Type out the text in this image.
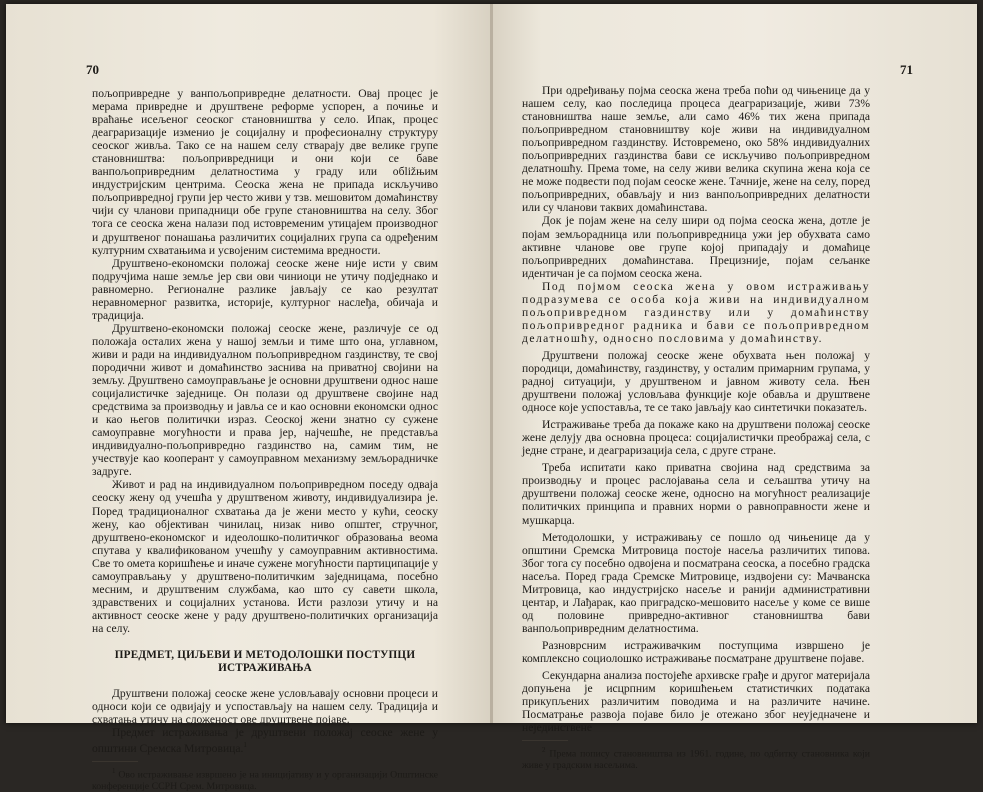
70

пољопривредне у ванпољопривредне делатности. Овај процес је мерама привредне и друштвене реформе успорен, а почиње и враћање исељеног сеоског становништва у село. Ипак, процес деаграризације изменио је социјалну и професионалну структуру сеоског живља. Тако се на нашем селу стварају две велике групе становништва: пољопривредници и они који се баве ванпољопривредним делатностима у граду или обližњим индустријским центрима. Сеоска жена не припада искључиво пољопривредној групи јер често живи у тзв. мешовитом домаћинству чији су чланови припадници обе групе становништва на селу. Због тога се сеоска жена налази под истовременим утицајем производног и друштвеног понашања различитих социјалних група са одређеним културним схватањима и усвојеним системима вредности.

Друштвено-економски положај сеоске жене није исти у свим подручјима наше земље јер сви ови чиниоци не утичу подједнако и равномерно. Регионалне разлике јављају се као резултат неравномерног развитка, историје, културног наслеђа, обичаја и традиција.

Друштвено-економски положај сеоске жене, различује се од положаја осталих жена у нашој земљи и тиме што она, углавном, живи и ради на индивидуалном пољопривредном газдинству, те свој породични живот и домаћинство заснива на приватној својини на земљу. Друштвено самоуправљање је основни друштвени однос наше социјалистичке заједнице. Он полази од друштвене својине над средствима за производњу и јавља се и као основни економски однос и као његов политички израз. Сеоској жени знатно су сужене самоуправне могућности и права јер, најчешће, не представља индивидуално-пољопривредно газдинство на, самим тим, не учествује као кооперант у самоуправном механизму земљорадничке задруге.

Живот и рад на индивидуалном пољопривредном поседу одваја сеоску жену од учешћа у друштвеном животу, индивидуализира је. Поред традиционалног схватања да је жени место у кући, сеоску жену, као објективан чинилац, низак ниво општег, стручног, друштвено-економског и идеолошко-политичког образовања веома спутава у квалификованом учешћу у самоуправним активностима. Све то омета коришћење и иначе сужене могућности партиципације у самоуправљању у друштвено-политичким заједницама, посебно месним, и друштвеним службама, као што су савети школа, здравствених и социјалних установа. Исти разлози утичу и на активност сеоске жене у раду друштвено-политичких организација на селу.

ПРЕДМЕТ, ЦИЉЕВИ И МЕТОДОЛОШКИ ПОСТУПЦИ ИСТРАЖИВАЊА

Друштвени положај сеоске жене условљавају основни процеси и односи који се одвијају и успостављају на нашем селу. Традиција и схватања утичу на сложеност ове друштвене појаве.

Предмет истраживања је друштвени положај сеоске жене у општини Сремска Митровица.$^1$

$^1$ Ово истраживање извршено је на иницијативу и у организацији Општинске конференције ССРН Срем. Митровица.

71

При одређивању појма сеоска жена треба поћи од чињенице да у нашем селу, као последица процеса деаграризације, живи 73% становништва наше земље, али само 46% тих жена припада пољопривредном становништву које живи на индивидуалном пољопривредном газдинству. Истовремено, око 58% индивидуалних пољопривредних газдинства бави се искључиво пољопривредном делатношћу. Према томе, на селу живи велика скупина жена која се не може подвести под појам сеоске жене. Тачније, жене на селу, поред пољопривредних, обављају и низ ванпољопривредних делатности или су чланови таквих домаћинстава.

Док је појам жене на селу шири од појма сеоска жена, дотле је појам земљорадница или пољопривредница ужи јер обухвата само активне чланове ове групе којој припадају и домаћице пољопривредних домаћинстава. Прецизније, појам сељанке идентичан је са појмом сеоска жена.

Под појмом сеоска жена у овом истраживању подразумева се особа која живи на индивидуалном пољопривредном газдинству или у домаћинству пољопривредног радника и бави се пољопривредном делатношћу, односно пословима у домаћинству.

Друштвени положај сеоске жене обухвата њен положај у породици, домаћинству, газдинству, у осталим примарним групама, у радној ситуацији, у друштвеном и јавном животу села. Њен друштвени положај условљава функције које обавља и друштвене односе које успоставља, те се тако јављају као синтетички показатељ.

Истраживање треба да покаже како на друштвени положај сеоске жене делују два основна процеса: социјалистички преображај села, с једне стране, и деаграризација села, с друге стране.

Треба испитати како приватна својина над средствима за производњу и процес раслојавања села и сељаштва утичу на друштвени положај сеоске жене, односно на могућност реализације политичких принципа и правних норми о равноправности жене и мушкарца.

Методолошки, у истраживању се пошло од чињенице да у општини Сремска Митровица постоје насеља различитих типова. Због тога су посебно одвојена и посматрана сеоска, а посебно градска насеља. Поред града Сремске Митровице, издвојени су: Мачванска Митровица, као индустријско насеље и ранији административни центар, и Лађарак, као приградско-мешовито насеље у коме се више од половине привредно-активног становништва бави ванпољопривредним делатностима.

Разноврсним истраживачким поступцима извршено је комплексно социолошко истраживање посматране друштвене појаве.

Секундарна анализа постојеће архивске грађе и другог материјала допуњена је исцрпним коришћењем статистичких података прикупљених различитим поводима и на различите начине. Посматрање развоја појаве било је отежано због неуједначене и нејединствене

$^2$ Према попису становништва из 1961. године, по одбитку становника који живе у градским насељима.
